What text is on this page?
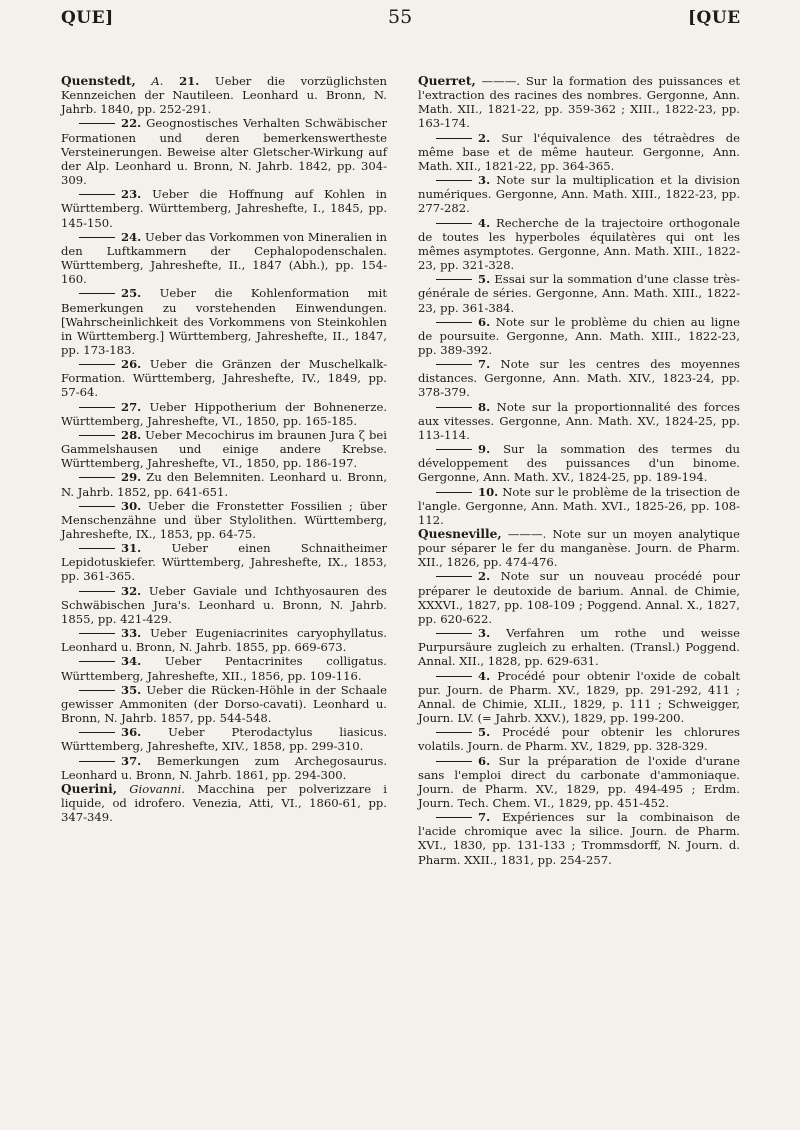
QUE]	55	[QUE

Quenstedt, A. 21. Ueber die vorzüglichsten Kennzeichen der Nautileen. Leonhard u. Bronn, N. Jahrb. 1840, pp. 252-291.

22. Geognostisches Verhalten Schwäbischer Formationen und deren bemerkenswertheste Versteinerungen. Beweise alter Gletscher-Wirkung auf der Alp. Leonhard u. Bronn, N. Jahrb. 1842, pp. 304-309.

23. Ueber die Hoffnung auf Kohlen in Württemberg. Württemberg, Jahreshefte, I., 1845, pp. 145-150.

24. Ueber das Vorkommen von Mineralien in den Luftkammern der Cephalopodenschalen. Württemberg, Jahreshefte, II., 1847 (Abh.), pp. 154-160.

25. Ueber die Kohlenformation mit Bemerkungen zu vorstehenden Einwendungen. [Wahrscheinlichkeit des Vorkommens von Steinkohlen in Württemberg.] Württemberg, Jahreshefte, II., 1847, pp. 173-183.

26. Ueber die Gränzen der Muschelkalk-Formation. Württemberg, Jahreshefte, IV., 1849, pp. 57-64.

27. Ueber Hippotherium der Bohnenerze. Württemberg, Jahreshefte, VI., 1850, pp. 165-185.

28. Ueber Mecochirus im braunen Jura ζ bei Gammelshausen und einige andere Krebse. Württemberg, Jahreshefte, VI., 1850, pp. 186-197.

29. Zu den Belemniten. Leonhard u. Bronn, N. Jahrb. 1852, pp. 641-651.

30. Ueber die Fronstetter Fossilien ; über Menschenzähne und über Stylolithen. Württemberg, Jahreshefte, IX., 1853, pp. 64-75.

31.	Ueber einen Schnaitheimer Lepidotuskiefer. Württemberg, Jahreshefte, IX., 1853, pp. 361-365.

32. Ueber Gaviale und Ichthyosauren des Schwäbischen Jura's. Leonhard u. Bronn, N. Jahrb. 1855, pp. 421-429.

33. Ueber Eugeniacrinites caryophyllatus. Leonhard u. Bronn, N. Jahrb. 1855, pp. 669-673.

34. Ueber Pentacrinites colligatus. Württemberg, Jahreshefte, XII., 1856, pp. 109-116.

35. Ueber die Rücken-Höhle in der Schaale gewisser Ammoniten (der Dorso-cavati). Leonhard u. Bronn, N. Jahrb. 1857, pp. 544-548.

36. Ueber Pterodactylus liasicus. Württemberg, Jahreshefte, XIV., 1858, pp. 299-310.

37. Bemerkungen zum Archegosaurus. Leonhard u. Bronn, N. Jahrb. 1861, pp. 294-300.

Querini, Giovanni. Macchina per polverizzare i liquide, od idrofero. Venezia, Atti, VI., 1860-61, pp. 347-349.

Querret, ———. Sur la formation des puissances et l'extraction des racines des nombres. Gergonne, Ann. Math. XII., 1821-22, pp. 359-362 ; XIII., 1822-23, pp. 163-174.

2. Sur l'équivalence des tétraèdres de même base et de même hauteur. Gergonne, Ann. Math. XII., 1821-22, pp. 364-365.

3. Note sur la multiplication et la division numériques. Gergonne, Ann. Math. XIII., 1822-23, pp. 277-282.

4. Recherche de la trajectoire orthogonale de toutes les hyperboles équilatères qui ont les mêmes asymptotes. Gergonne, Ann. Math. XIII., 1822-23, pp. 321-328.

5. Essai sur la sommation d'une classe très-générale de séries. Gergonne, Ann. Math. XIII., 1822-23, pp. 361-384.

6. Note sur le problème du chien au ligne de poursuite. Gergonne, Ann. Math. XIII., 1822-23, pp. 389-392.

7. Note sur les centres des moyennes distances. Gergonne, Ann. Math. XIV., 1823-24, pp. 378-379.

8. Note sur la proportionnalité des forces aux vitesses. Gergonne, Ann. Math. XV., 1824-25, pp. 113-114.

9. Sur la sommation des termes du développement des puissances d'un binome. Gergonne, Ann. Math. XV., 1824-25, pp. 189-194.

10. Note sur le problème de la trisection de l'angle. Gergonne, Ann. Math. XVI., 1825-26, pp. 108-112.

Quesneville, ———. Note sur un moyen analytique pour séparer le fer du manganèse. Journ. de Pharm. XII., 1826, pp. 474-476.

2. Note sur un nouveau procédé pour préparer le deutoxide de barium. Annal. de Chimie, XXXVI., 1827, pp. 108-109 ; Poggend. Annal. X., 1827, pp. 620-622.

3. Verfahren um rothe und weisse Purpursäure zugleich zu erhalten. (Transl.) Poggend. Annal. XII., 1828, pp. 629-631.

4. Procédé pour obtenir l'oxide de cobalt pur. Journ. de Pharm. XV., 1829, pp. 291-292, 411 ; Annal. de Chimie, XLII., 1829, p. 111 ; Schweigger, Journ. LV. (= Jahrb. XXV.), 1829, pp. 199-200.

5. Procédé pour obtenir les chlorures volatils. Journ. de Pharm. XV., 1829, pp. 328-329.

6. Sur la préparation de l'oxide d'urane sans l'emploi direct du carbonate d'ammoniaque. Journ. de Pharm. XV., 1829, pp. 494-495 ; Erdm. Journ. Tech. Chem. VI., 1829, pp. 451-452.

7. Expériences sur la combinaison de l'acide chromique avec la silice. Journ. de Pharm. XVI., 1830, pp. 131-133 ; Trommsdorff, N. Journ. d. Pharm. XXII., 1831, pp. 254-257.
